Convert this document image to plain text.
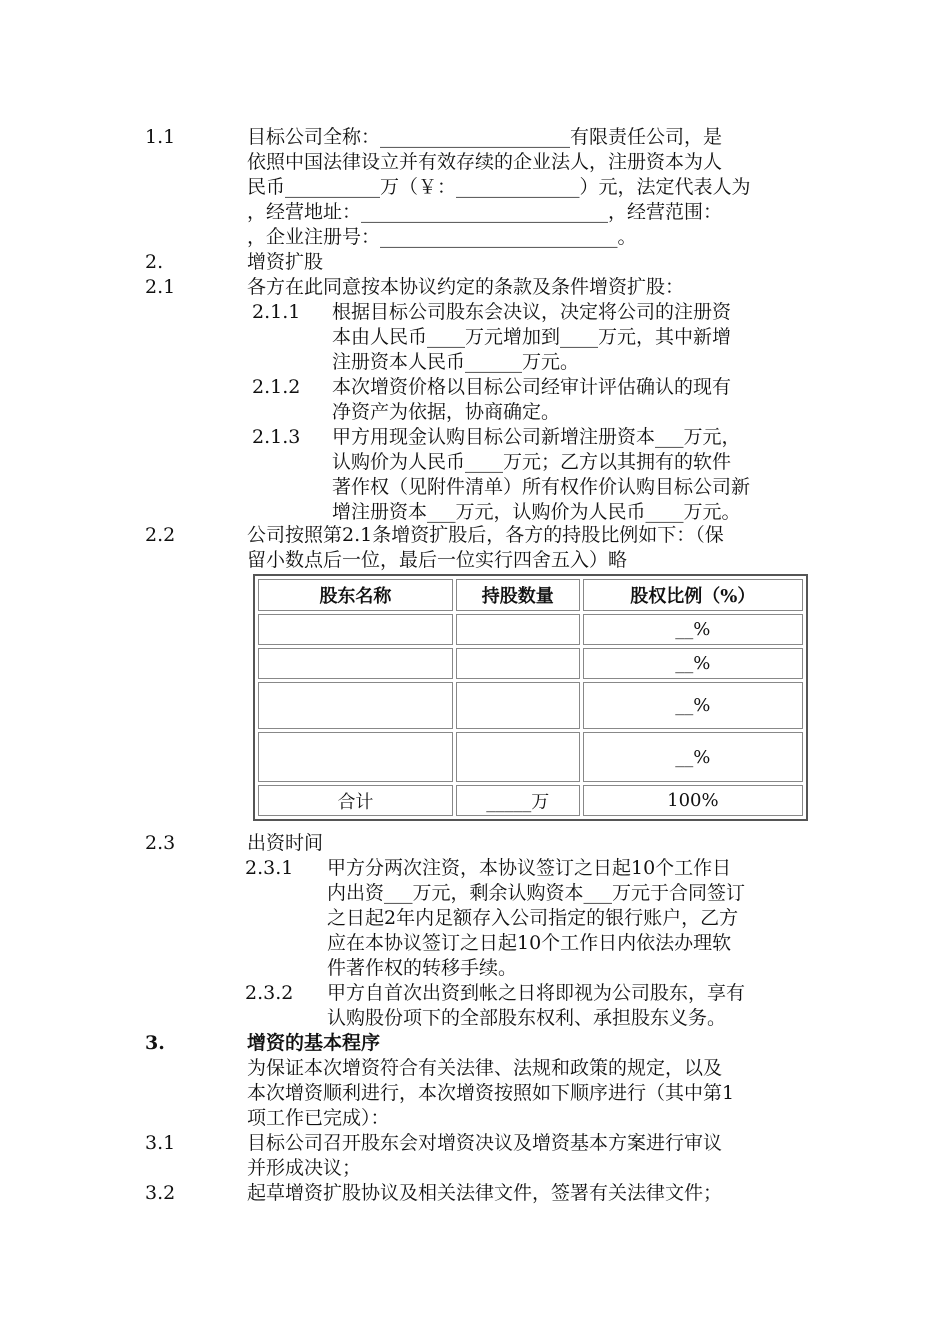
1.1	目标公司全称：____________________有限责任公司，是
依照中国法律设立并有效存续的企业法人，注册资本为人
民币__________万（￥：_____________）元，法定代表人为
，经营地址：__________________________，经营范围：
，企业注册号：_________________________。
2.	增资扩股
2.1	各方在此同意按本协议约定的条款及条件增资扩股：
2.1.1 根据目标公司股东会决议，决定将公司的注册资
本由人民币____万元增加到____万元，其中新增
注册资本人民币______万元。
2.1.2 本次增资价格以目标公司经审计评估确认的现有
净资产为依据，协商确定。
2.1.3 甲方用现金认购目标公司新增注册资本___万元，
认购价为人民币____万元；乙方以其拥有的软件
著作权（见附件清单）所有权作价认购目标公司新
增注册资本___万元，认购价为人民币____万元。
2.2	公司按照第2.1条增资扩股后，各方的持股比例如下：（保
留小数点后一位，最后一位实行四舍五入）略
股东名称	持股数量	股权比例（%）
		__%
		__%
		__%
		__%
合计	_____万	100%
2.3	出资时间
2.3.1 甲方分两次注资，本协议签订之日起10个工作日
内出资___万元，剩余认购资本___万元于合同签订
之日起2年内足额存入公司指定的银行账户，乙方
应在本协议签订之日起10个工作日内依法办理软
件著作权的转移手续。
2.3.2 甲方自首次出资到帐之日将即视为公司股东，享有
认购股份项下的全部股东权利、承担股东义务。
3.	增资的基本程序
为保证本次增资符合有关法律、法规和政策的规定，以及
本次增资顺利进行，本次增资按照如下顺序进行（其中第1
项工作已完成）：
3.1	目标公司召开股东会对增资决议及增资基本方案进行审议
并形成决议；
3.2	起草增资扩股协议及相关法律文件，签署有关法律文件；
